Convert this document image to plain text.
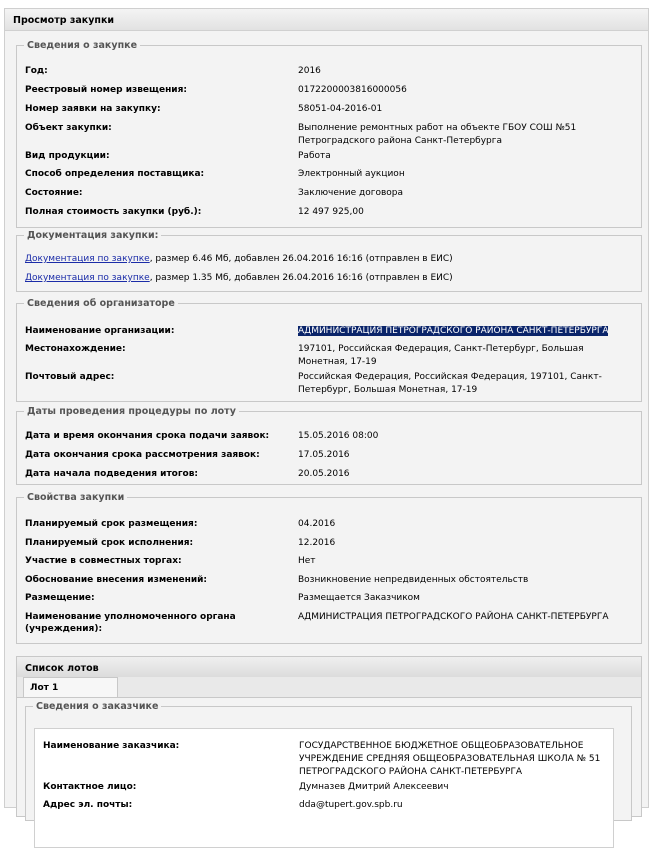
Просмотр закупки
Сведения о закупке
Год:	2016
Реестровый номер извещения:	0172200003816000056
Номер заявки на закупку:	58051-04-2016-01
Объект закупки:	Выполнение ремонтных работ на объекте ГБОУ СОШ №51 Петроградского района Санкт-Петербурга
Вид продукции:	Работа
Способ определения поставщика:	Электронный аукцион
Состояние:	Заключение договора
Полная стоимость закупки (руб.):	12 497 925,00
Документация закупки:
Документация по закупке, размер 6.46 Мб, добавлен 26.04.2016 16:16 (отправлен в ЕИС)
Документация по закупке, размер 1.35 Мб, добавлен 26.04.2016 16:16 (отправлен в ЕИС)
Сведения об организаторе
Наименование организации:	АДМИНИСТРАЦИЯ ПЕТРОГРАДСКОГО РАЙОНА САНКТ-ПЕТЕРБУРГА
Местонахождение:	197101, Российская Федерация, Санкт-Петербург, Большая Монетная, 17-19
Почтовый адрес:	Российская Федерация, Российская Федерация, 197101, Санкт-Петербург, Большая Монетная, 17-19
Даты проведения процедуры по лоту
Дата и время окончания срока подачи заявок:	15.05.2016 08:00
Дата окончания срока рассмотрения заявок:	17.05.2016
Дата начала подведения итогов:	20.05.2016
Свойства закупки
Планируемый срок размещения:	04.2016
Планируемый срок исполнения:	12.2016
Участие в совместных торгах:	Нет
Обоснование внесения изменений:	Возникновение непредвиденных обстоятельств
Размещение:	Размещается Заказчиком
Наименование уполномоченного органа (учреждения):
АДМИНИСТРАЦИЯ ПЕТРОГРАДСКОГО РАЙОНА САНКТ-ПЕТЕРБУРГА
Список лотов
Лот 1
Сведения о заказчике
Наименование заказчика:	ГОСУДАРСТВЕННОЕ БЮДЖЕТНОЕ ОБЩЕОБРАЗОВАТЕЛЬНОЕ УЧРЕЖДЕНИЕ СРЕДНЯЯ ОБЩЕОБРАЗОВАТЕЛЬНАЯ ШКОЛА № 51 ПЕТРОГРАДСКОГО РАЙОНА САНКТ-ПЕТЕРБУРГА
Контактное лицо:	Думназев Дмитрий Алексеевич
Адрес эл. почты:	dda@tupert.gov.spb.ru
